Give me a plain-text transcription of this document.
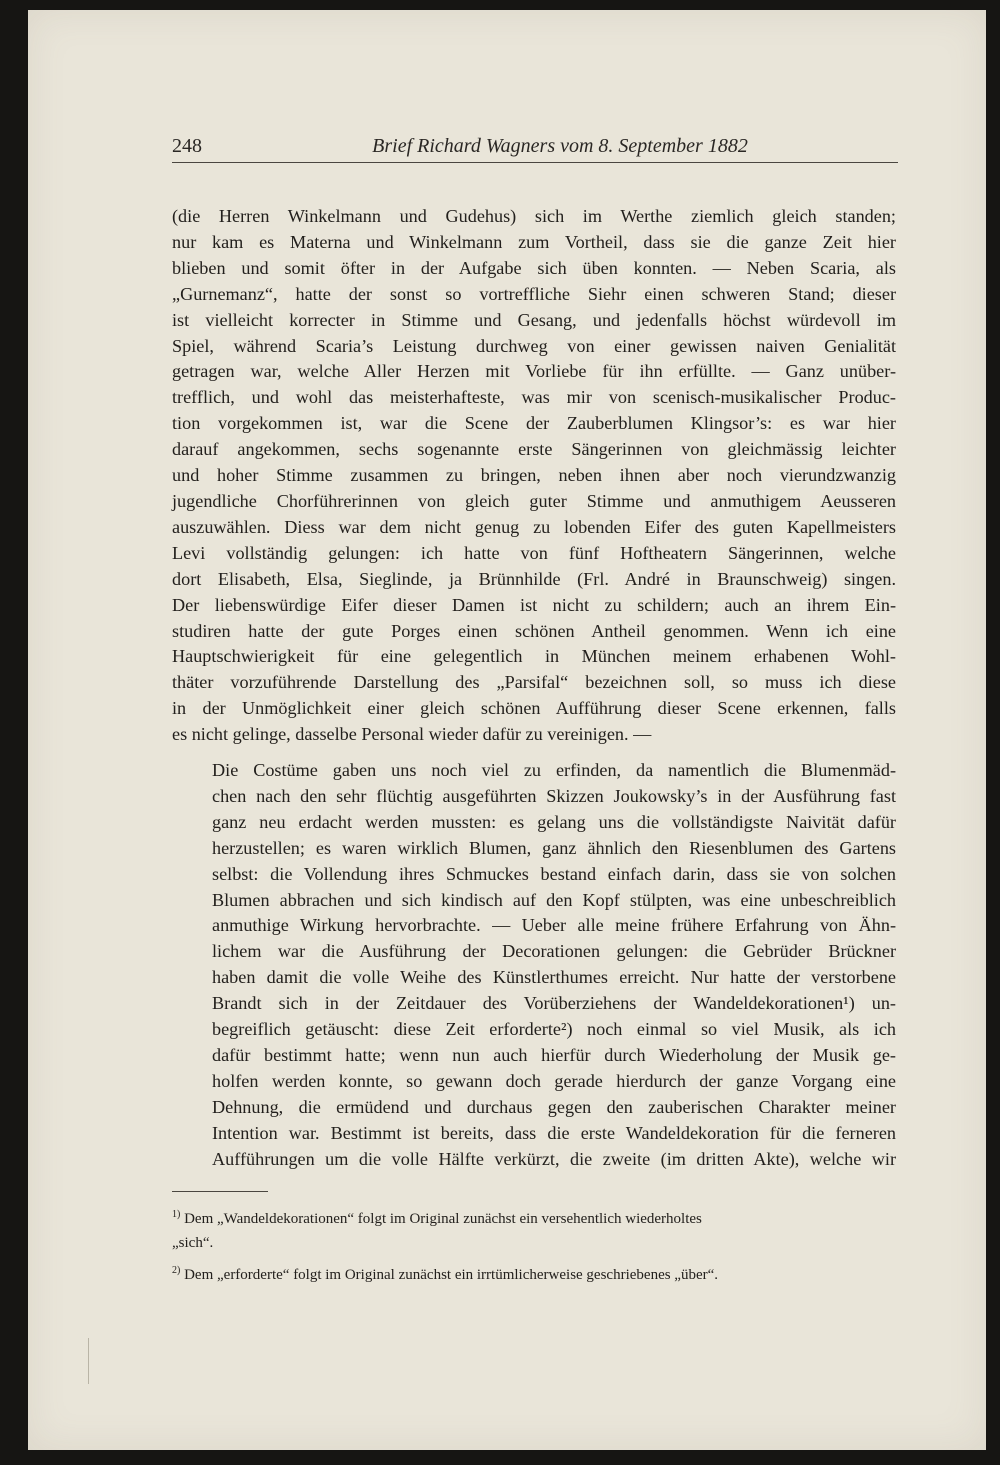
248	Brief Richard Wagners vom 8. September 1882
(die Herren Winkelmann und Gudehus) sich im Werthe ziemlich gleich standen;
nur kam es Materna und Winkelmann zum Vortheil, dass sie die ganze Zeit hier
blieben und somit öfter in der Aufgabe sich üben konnten. — Neben Scaria, als
„Gurnemanz“, hatte der sonst so vortreffliche Siehr einen schweren Stand; dieser
ist vielleicht korrecter in Stimme und Gesang, und jedenfalls höchst würdevoll im
Spiel, während Scaria’s Leistung durchweg von einer gewissen naiven Genialität
getragen war, welche Aller Herzen mit Vorliebe für ihn erfüllte. — Ganz unüber-
trefflich, und wohl das meisterhafteste, was mir von scenisch-musikalischer Produc-
tion vorgekommen ist, war die Scene der Zauberblumen Klingsor’s: es war hier
darauf angekommen, sechs sogenannte erste Sängerinnen von gleichmässig leichter
und hoher Stimme zusammen zu bringen, neben ihnen aber noch vierundzwanzig
jugendliche Chorführerinnen von gleich guter Stimme und anmuthigem Aeusseren
auszuwählen. Diess war dem nicht genug zu lobenden Eifer des guten Kapellmeisters
Levi vollständig gelungen: ich hatte von fünf Hoftheatern Sängerinnen, welche
dort Elisabeth, Elsa, Sieglinde, ja Brünnhilde (Frl. André in Braunschweig) singen.
Der liebenswürdige Eifer dieser Damen ist nicht zu schildern; auch an ihrem Ein-
studiren hatte der gute Porges einen schönen Antheil genommen. Wenn ich eine
Hauptschwierigkeit für eine gelegentlich in München meinem erhabenen Wohl-
thäter vorzuführende Darstellung des „Parsifal“ bezeichnen soll, so muss ich diese
in der Unmöglichkeit einer gleich schönen Aufführung dieser Scene erkennen, falls
es nicht gelinge, dasselbe Personal wieder dafür zu vereinigen. —
Die Costüme gaben uns noch viel zu erfinden, da namentlich die Blumenmäd-
chen nach den sehr flüchtig ausgeführten Skizzen Joukowsky’s in der Ausführung fast
ganz neu erdacht werden mussten: es gelang uns die vollständigste Naivität dafür
herzustellen; es waren wirklich Blumen, ganz ähnlich den Riesenblumen des Gartens
selbst: die Vollendung ihres Schmuckes bestand einfach darin, dass sie von solchen
Blumen abbrachen und sich kindisch auf den Kopf stülpten, was eine unbeschreiblich
anmuthige Wirkung hervorbrachte. — Ueber alle meine frühere Erfahrung von Ähn-
lichem war die Ausführung der Decorationen gelungen: die Gebrüder Brückner
haben damit die volle Weihe des Künstlerthumes erreicht. Nur hatte der verstorbene
Brandt sich in der Zeitdauer des Vorüberziehens der Wandeldekorationen¹) un-
begreiflich getäuscht: diese Zeit erforderte²) noch einmal so viel Musik, als ich
dafür bestimmt hatte; wenn nun auch hierfür durch Wiederholung der Musik ge-
holfen werden konnte, so gewann doch gerade hierdurch der ganze Vorgang eine
Dehnung, die ermüdend und durchaus gegen den zauberischen Charakter meiner
Intention war. Bestimmt ist bereits, dass die erste Wandeldekoration für die ferneren
Aufführungen um die volle Hälfte verkürzt, die zweite (im dritten Akte), welche wir

$^{1)}$ Dem „Wandeldekorationen“ folgt im Original zunächst ein versehentlich wiederholtes
„sich“.

$^{2)}$ Dem „erforderte“ folgt im Original zunächst ein irrtümlicherweise geschriebenes „über“.
